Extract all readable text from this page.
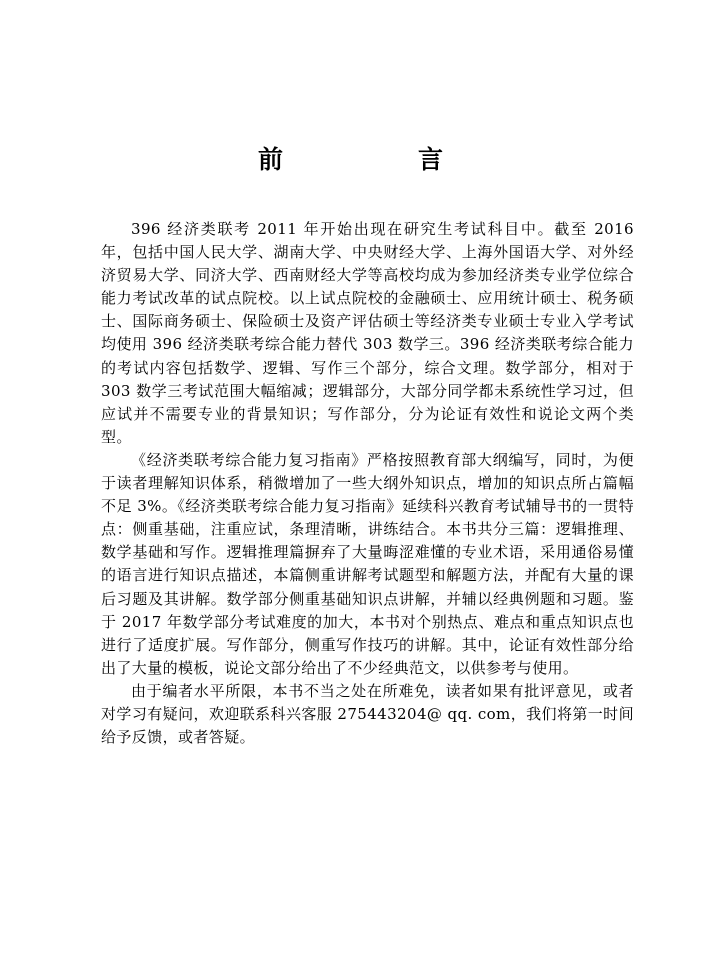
前　言

396 经济类联考 2011 年开始出现在研究生考试科目中。截至 2016 年，包括中国人民大学、湖南大学、中央财经大学、上海外国语大学、对外经济贸易大学、同济大学、西南财经大学等高校均成为参加经济类专业学位综合能力考试改革的试点院校。以上试点院校的金融硕士、应用统计硕士、税务硕士、国际商务硕士、保险硕士及资产评估硕士等经济类专业硕士专业入学考试均使用 396 经济类联考综合能力替代 303 数学三。396 经济类联考综合能力的考试内容包括数学、逻辑、写作三个部分，综合文理。数学部分，相对于 303 数学三考试范围大幅缩减；逻辑部分，大部分同学都未系统性学习过，但应试并不需要专业的背景知识；写作部分，分为论证有效性和说论文两个类型。

《经济类联考综合能力复习指南》严格按照教育部大纲编写，同时，为便于读者理解知识体系，稍微增加了一些大纲外知识点，增加的知识点所占篇幅不足 3%。《经济类联考综合能力复习指南》延续科兴教育考试辅导书的一贯特点：侧重基础，注重应试，条理清晰，讲练结合。本书共分三篇：逻辑推理、数学基础和写作。逻辑推理篇摒弃了大量晦涩难懂的专业术语，采用通俗易懂的语言进行知识点描述，本篇侧重讲解考试题型和解题方法，并配有大量的课后习题及其讲解。数学部分侧重基础知识点讲解，并辅以经典例题和习题。鉴于 2017 年数学部分考试难度的加大，本书对个别热点、难点和重点知识点也进行了适度扩展。写作部分，侧重写作技巧的讲解。其中，论证有效性部分给出了大量的模板，说论文部分给出了不少经典范文，以供参考与使用。

由于编者水平所限，本书不当之处在所难免，读者如果有批评意见，或者对学习有疑问，欢迎联系科兴客服 275443204@ qq. com，我们将第一时间给予反馈，或者答疑。
